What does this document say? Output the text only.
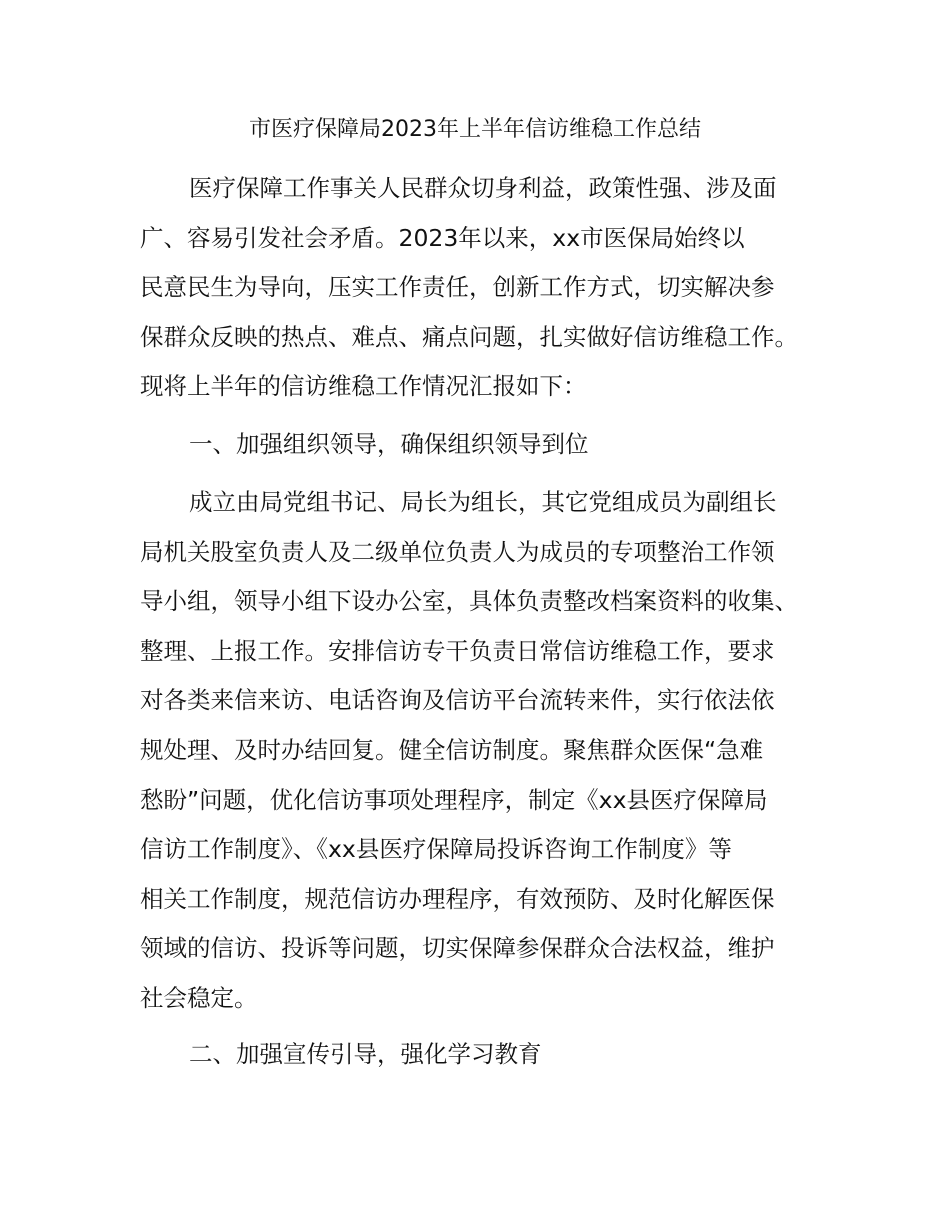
市医疗保障局2023年上半年信访维稳工作总结
医疗保障工作事关人民群众切身利益，政策性强、涉及面
广、容易引发社会矛盾。2023年以来，xx市医保局始终以
民意民生为导向，压实工作责任，创新工作方式，切实解决参
保群众反映的热点、难点、痛点问题，扎实做好信访维稳工作。
现将上半年的信访维稳工作情况汇报如下：
一、加强组织领导，确保组织领导到位
成立由局党组书记、局长为组长，其它党组成员为副组长
局机关股室负责人及二级单位负责人为成员的专项整治工作领
导小组，领导小组下设办公室，具体负责整改档案资料的收集、
整理、上报工作。安排信访专干负责日常信访维稳工作，要求
对各类来信来访、电话咨询及信访平台流转来件，实行依法依
规处理、及时办结回复。健全信访制度。聚焦群众医保“急难
愁盼”问题，优化信访事项处理程序，制定《xx县医疗保障局
信访工作制度》、《xx县医疗保障局投诉咨询工作制度》等
相关工作制度，规范信访办理程序，有效预防、及时化解医保
领域的信访、投诉等问题，切实保障参保群众合法权益，维护
社会稳定。
二、加强宣传引导，强化学习教育
